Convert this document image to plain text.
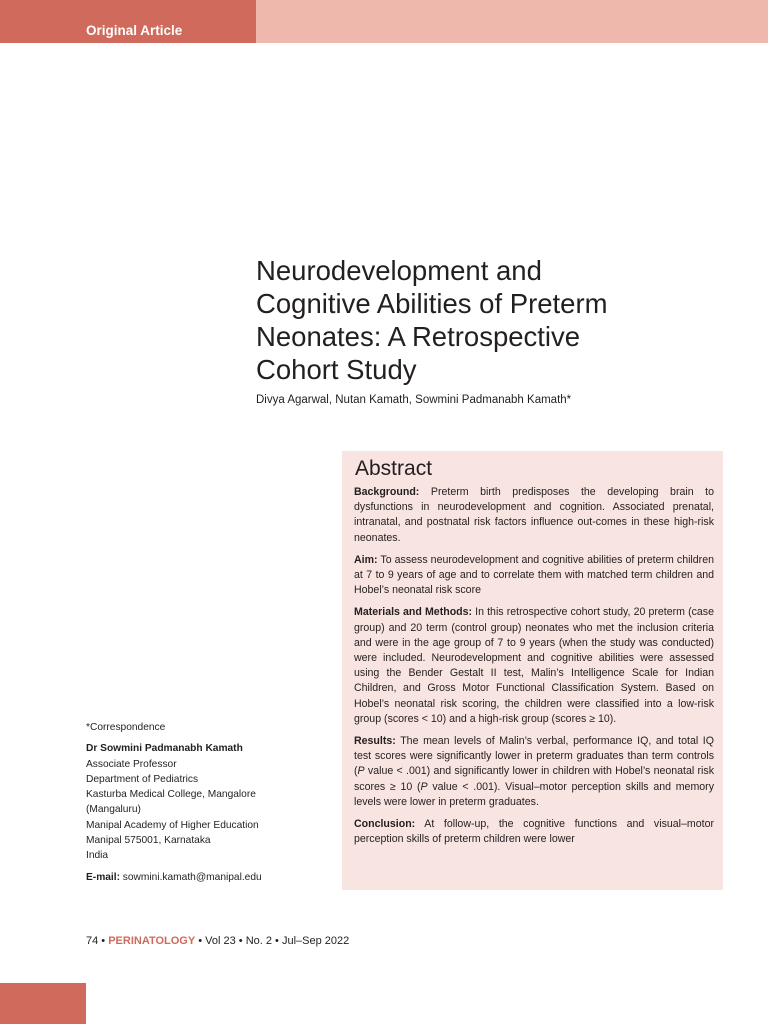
Original Article
Neurodevelopment and
Cognitive Abilities of Preterm
Neonates: A Retrospective
Cohort Study
Divya Agarwal, Nutan Kamath, Sowmini Padmanabh Kamath*
Abstract

Background: Preterm birth predisposes the developing brain to dysfunctions in neurodevelopment and cognition. Associated prenatal, intranatal, and postnatal risk factors influence out-comes in these high-risk neonates.

Aim: To assess neurodevelopment and cognitive abilities of preterm children at 7 to 9 years of age and to correlate them with matched term children and Hobel’s neonatal risk score

Materials and Methods: In this retrospective cohort study, 20 preterm (case group) and 20 term (control group) neonates who met the inclusion criteria and were in the age group of 7 to 9 years (when the study was conducted) were included. Neurodevelopment and cognitive abilities were assessed using the Bender Gestalt II test, Malin’s Intelligence Scale for Indian Children, and Gross Motor Functional Classification System. Based on Hobel’s neonatal risk scoring, the children were classified into a low-risk group (scores < 10) and a high-risk group (scores ≥ 10).

Results: The mean levels of Malin’s verbal, performance IQ, and total IQ test scores were significantly lower in preterm graduates than term controls (P value < .001) and significantly lower in children with Hobel’s neonatal risk scores ≥ 10 (P value < .001). Visual–motor perception skills and memory levels were lower in preterm graduates.

Conclusion: At follow-up, the cognitive functions and visual–motor perception skills of preterm children were lower

*Correspondence
Dr Sowmini Padmanabh Kamath
Associate Professor
Department of Pediatrics
Kasturba Medical College, Mangalore
(Mangaluru)
Manipal Academy of Higher Education
Manipal 575001, Karnataka
India
E-mail: sowmini.kamath@manipal.edu
74 • PERINATOLOGY • Vol 23 • No. 2 • Jul–Sep 2022
